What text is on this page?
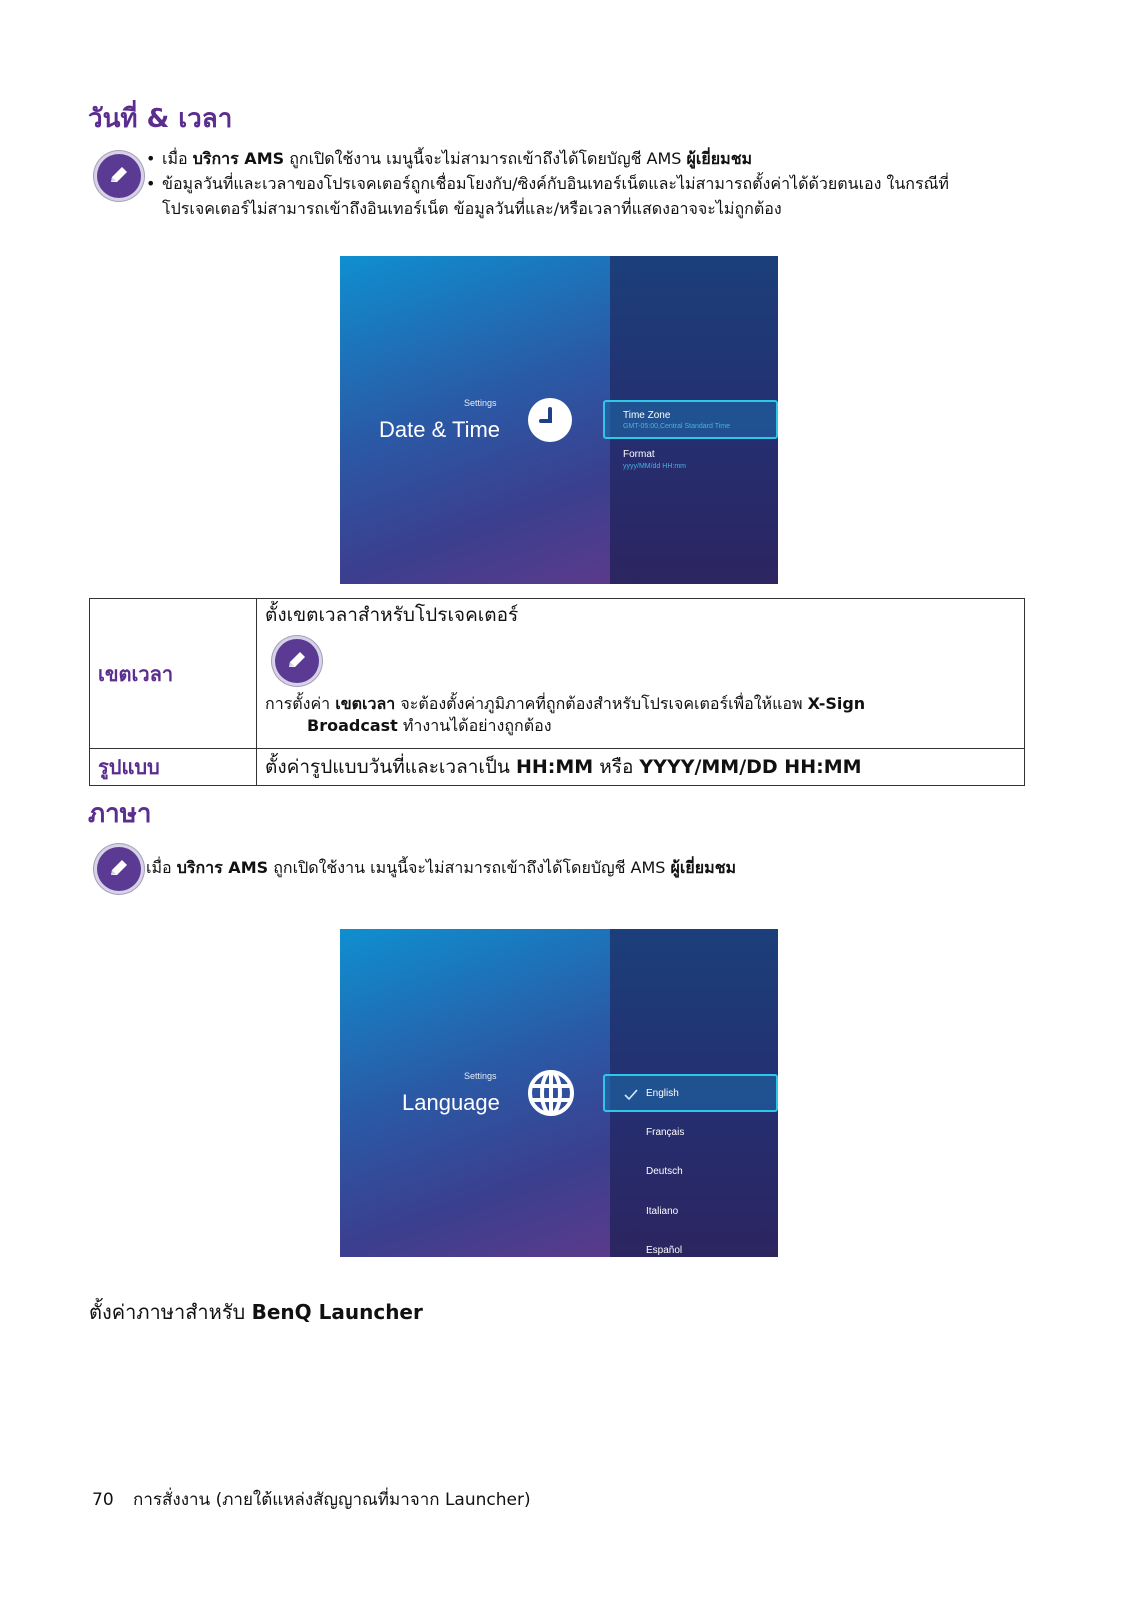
วันที่ & เวลา
• เมื่อ บริการ AMS ถูกเปิดใช้งาน เมนูนี้จะไม่สามารถเข้าถึงได้โดยบัญชี AMS ผู้เยี่ยมชม
• ข้อมูลวันที่และเวลาของโปรเจคเตอร์ถูกเชื่อมโยงกับ/ซิงค์กับอินเทอร์เน็ตและไม่สามารถตั้งค่าได้ด้วยตนเอง ในกรณีที่โปรเจคเตอร์ไม่สามารถเข้าถึงอินเทอร์เน็ต ข้อมูลวันที่และ/หรือเวลาที่แสดงอาจจะไม่ถูกต้อง
Settings
Date & Time
Time Zone
GMT-05:00,Central Standard Time
Format
yyyy/MM/dd HH:mm
เขตเวลา	ตั้งเขตเวลาสำหรับโปรเจคเตอร์
การตั้งค่า เขตเวลา จะต้องตั้งค่าภูมิภาคที่ถูกต้องสำหรับโปรเจคเตอร์เพื่อให้แอพ X-Sign
Broadcast ทำงานได้อย่างถูกต้อง

รูปแบบ	ตั้งค่ารูปแบบวันที่และเวลาเป็น HH:MM หรือ YYYY/MM/DD HH:MM
ภาษา
เมื่อ บริการ AMS ถูกเปิดใช้งาน เมนูนี้จะไม่สามารถเข้าถึงได้โดยบัญชี AMS ผู้เยี่ยมชม
Settings
Language	English
Français
Deutsch
Italiano
Español
ตั้งค่าภาษาสำหรับ BenQ Launcher
70 การสั่งงาน (ภายใต้แหล่งสัญญาณที่มาจาก Launcher)
